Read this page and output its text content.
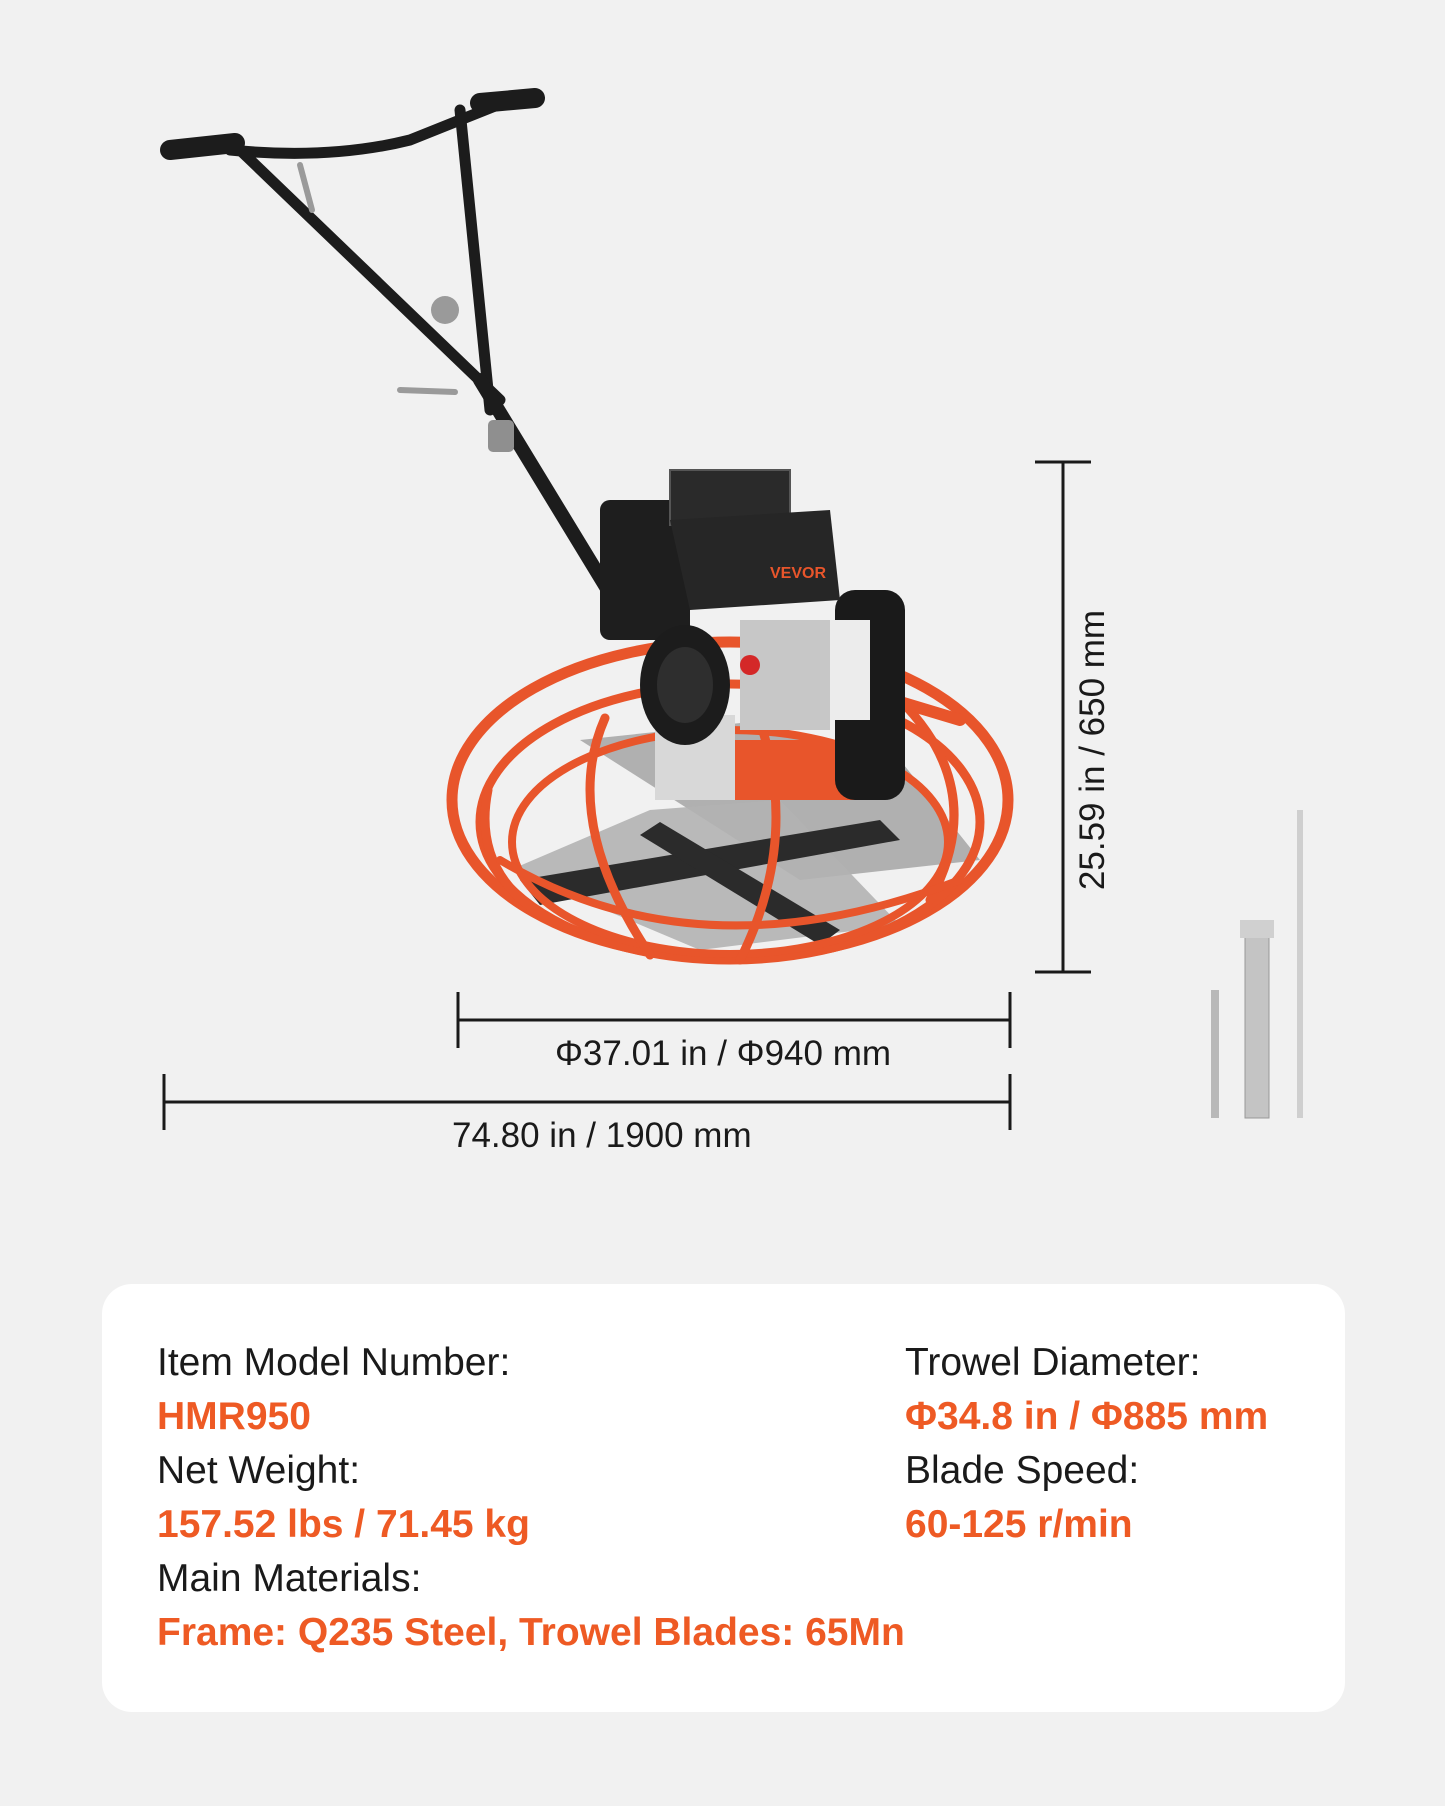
VEVOR
Φ37.01 in / Φ940 mm
74.80 in / 1900 mm
25.59 in / 650 mm
Item Model Number:
HMR950
Net Weight:
157.52 lbs / 71.45 kg
Main Materials:
Frame: Q235 Steel, Trowel Blades: 65Mn
Trowel Diameter:
Φ34.8 in / Φ885 mm
Blade Speed:
60-125 r/min
